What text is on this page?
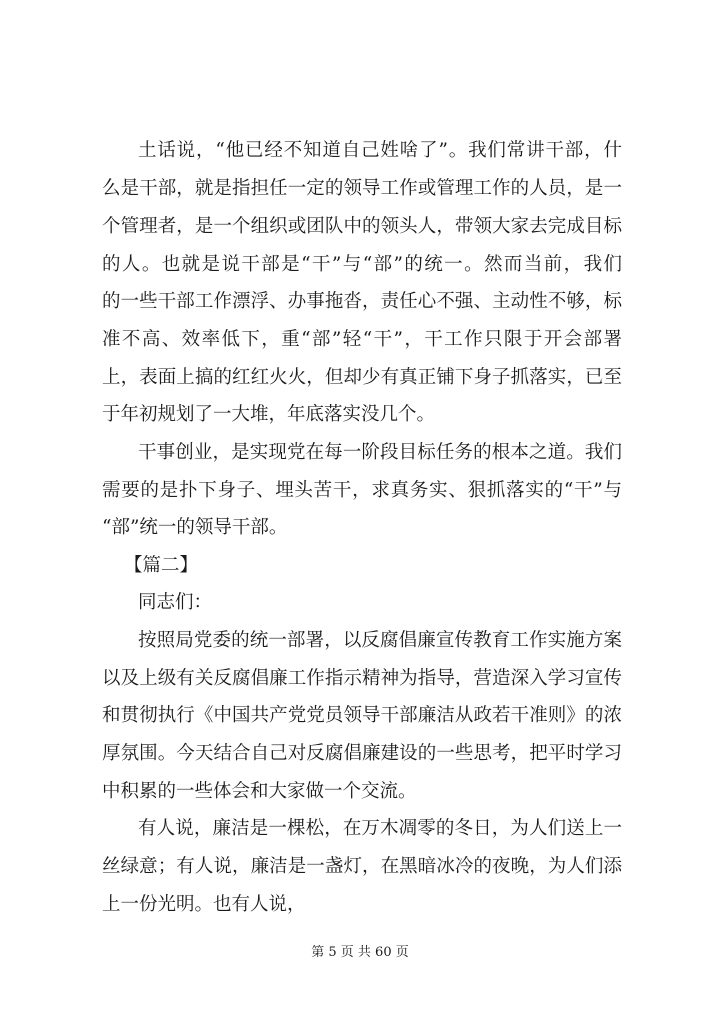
土话说，“他已经不知道自己姓啥了”。我们常讲干部，什
么是干部，就是指担任一定的领导工作或管理工作的人员，是一
个管理者，是一个组织或团队中的领头人，带领大家去完成目标
的人。也就是说干部是“干”与“部”的统一。然而当前，我们
的一些干部工作漂浮、办事拖沓，责任心不强、主动性不够，标
准不高、效率低下，重“部”轻“干”，干工作只限于开会部署
上，表面上搞的红红火火，但却少有真正铺下身子抓落实，已至
于年初规划了一大堆，年底落实没几个。
干事创业，是实现党在每一阶段目标任务的根本之道。我们
需要的是扑下身子、埋头苦干，求真务实、狠抓落实的“干”与
“部”统一的领导干部。
【篇二】
同志们：
按照局党委的统一部署，以反腐倡廉宣传教育工作实施方案
以及上级有关反腐倡廉工作指示精神为指导，营造深入学习宣传
和贯彻执行《中国共产党党员领导干部廉洁从政若干准则》的浓
厚氛围。今天结合自己对反腐倡廉建设的一些思考，把平时学习
中积累的一些体会和大家做一个交流。
有人说，廉洁是一棵松，在万木凋零的冬日，为人们送上一
丝绿意；有人说，廉洁是一盏灯，在黑暗冰冷的夜晚，为人们添
上一份光明。也有人说，
第 5 页 共 60 页
